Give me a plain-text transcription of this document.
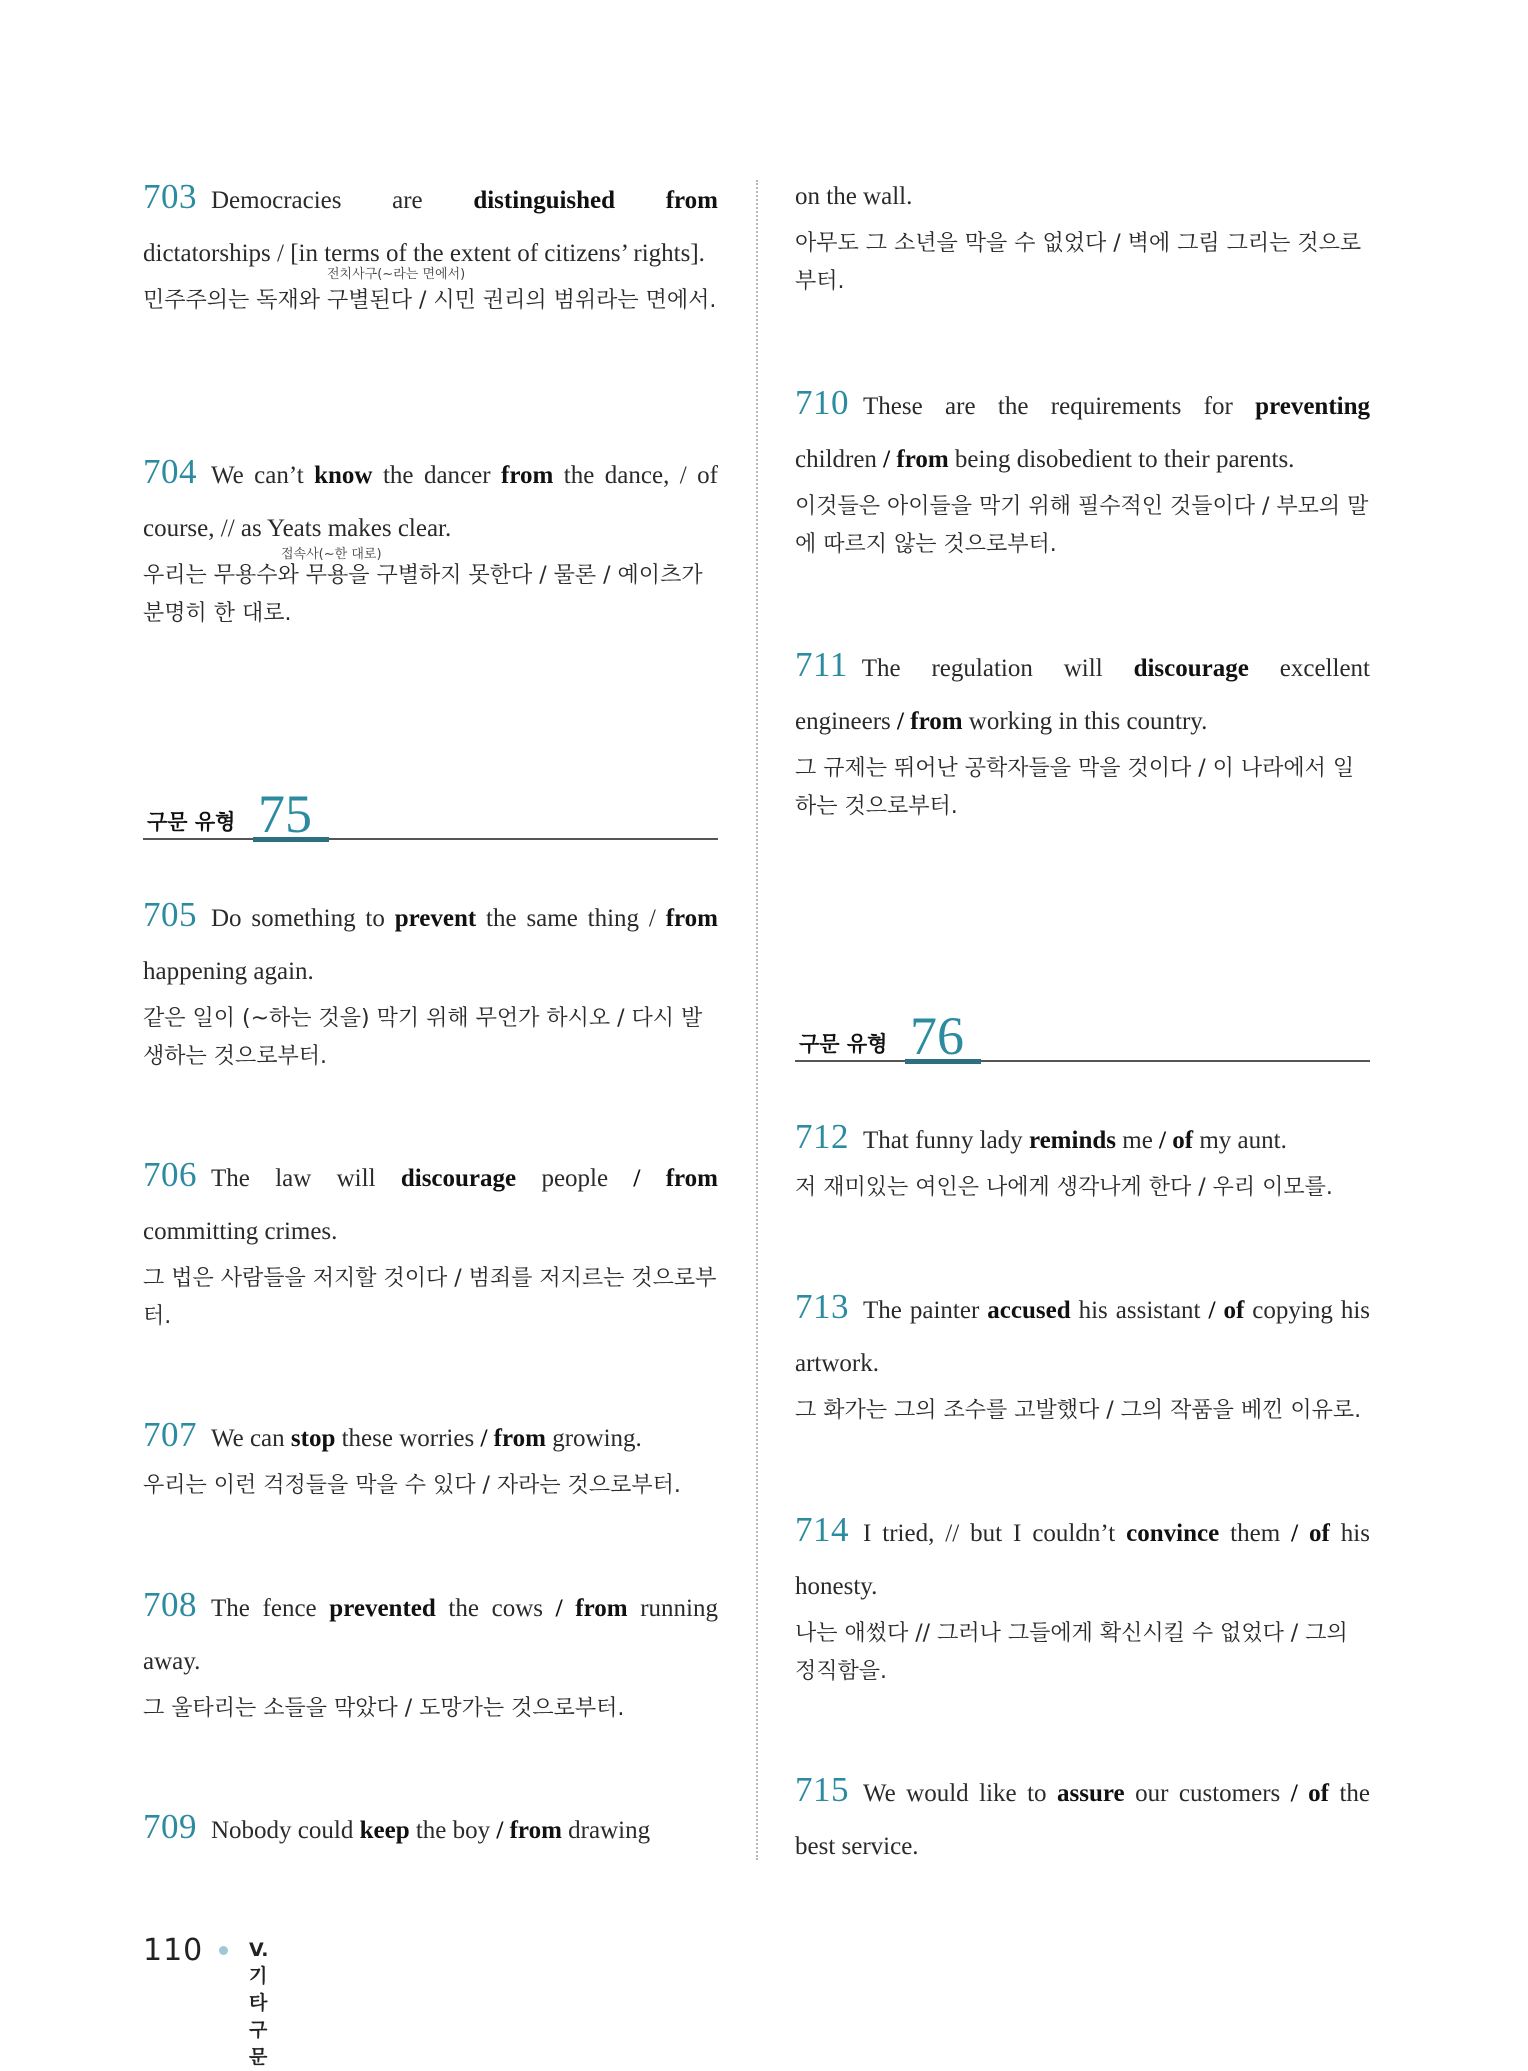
703 Democracies are distinguished from dictatorships / [in terms of the extent of citizens’ rights].

민주주의는 독재와 구별된다 / 시민 권리의 범위라는 면에서.

전치사구(~라는 면에서)

704 We can’t know the dancer from the dance, / of course, // as Yeats makes clear.

우리는 무용수와 무용을 구별하지 못한다 / 물론 / 예이츠가 분명히 한 대로.

접속사(~한 대로)
구문 유형 75

705 Do something to prevent the same thing / from happening again.

같은 일이 (~하는 것을) 막기 위해 무언가 하시오 / 다시 발생하는 것으로부터.

706 The law will discourage people / from committing crimes.

그 법은 사람들을 저지할 것이다 / 범죄를 저지르는 것으로부터.

707 We can stop these worries / from growing.

우리는 이런 걱정들을 막을 수 있다 / 자라는 것으로부터.

708 The fence prevented the cows / from running away.

그 울타리는 소들을 막았다 / 도망가는 것으로부터.

709 Nobody could keep the boy / from drawing

on the wall.

아무도 그 소년을 막을 수 없었다 / 벽에 그림 그리는 것으로부터.

710 These are the requirements for preventing children / from being disobedient to their parents.

이것들은 아이들을 막기 위해 필수적인 것들이다 / 부모의 말에 따르지 않는 것으로부터.

711 The regulation will discourage excellent engineers / from working in this country.

그 규제는 뛰어난 공학자들을 막을 것이다 / 이 나라에서 일하는 것으로부터.

구문 유형 76

712 That funny lady reminds me / of my aunt.

저 재미있는 여인은 나에게 생각나게 한다 / 우리 이모를.

713 The painter accused his assistant / of copying his artwork.

그 화가는 그의 조수를 고발했다 / 그의 작품을 베낀 이유로.

714 I tried, // but I couldn’t convince them / of his honesty.

나는 애썼다 // 그러나 그들에게 확신시킬 수 없었다 / 그의 정직함을.

715 We would like to assure our customers / of the best service.

110 V. 기타 구문
